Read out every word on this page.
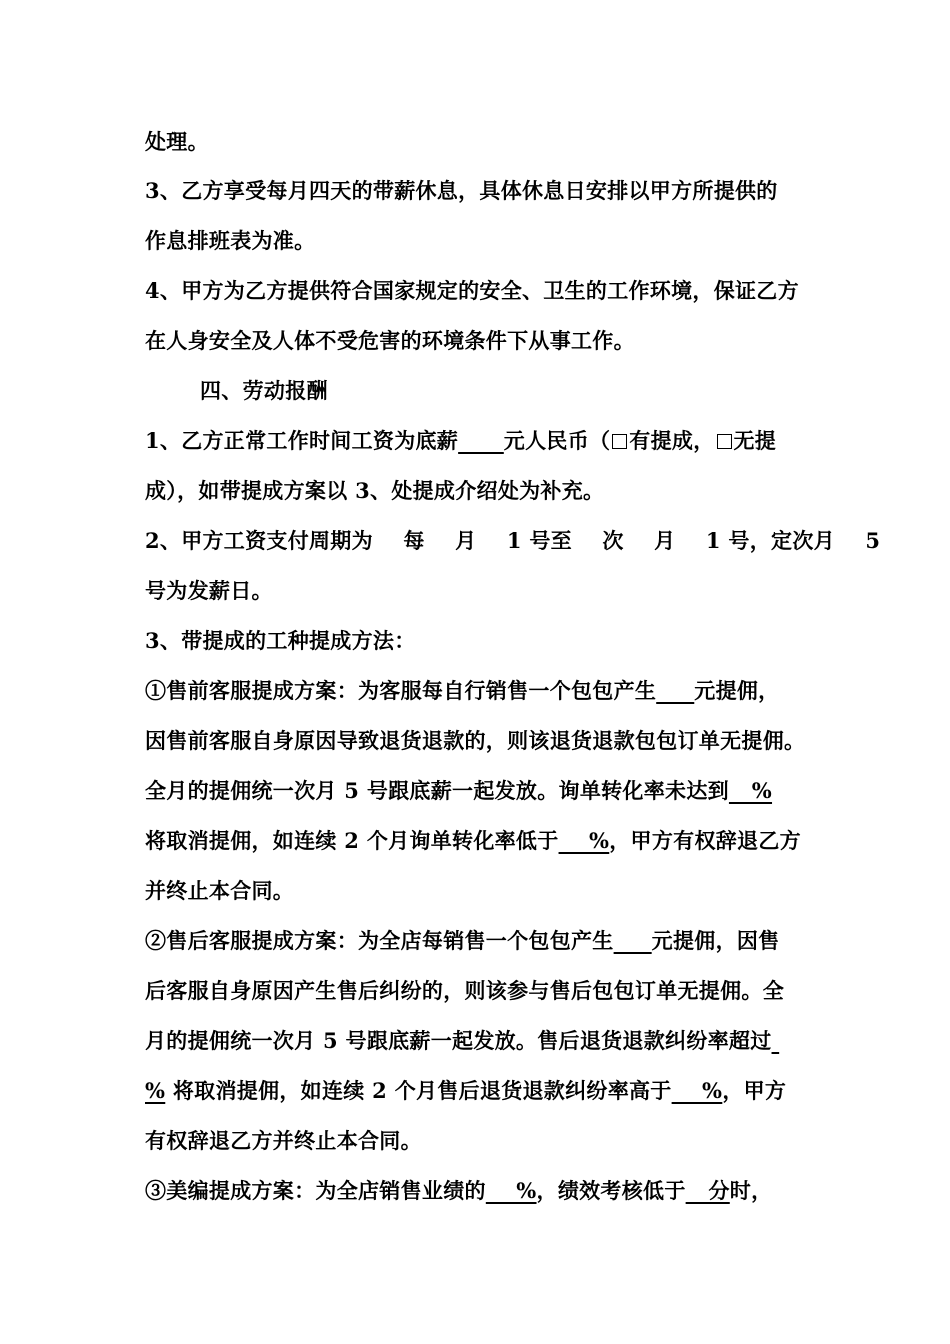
处理。
3、乙方享受每月四天的带薪休息，具体休息日安排以甲方所提供的
作息排班表为准。
4、甲方为乙方提供符合国家规定的安全、卫生的工作环境，保证乙方
在人身安全及人体不受危害的环境条件下从事工作。
四、劳动报酬
1、乙方正常工作时间工资为底薪 元人民币（ 有提成， 无提
成），如带提成方案以 3、处提成介绍处为补充。
2、甲方工资支付周期为    每    月    1 号至    次    月    1 号，定次月    5
号为发薪日。
3、带提成的工种提成方法：
①售前客服提成方案：为客服每自行销售一个包包产生 元提佣，
因售前客服自身原因导致退货退款的，则该退货退款包包订单无提佣。
全月的提佣统一次月 5 号跟底薪一起发放。询单转化率未达到   %
将取消提佣，如连续 2 个月询单转化率低于    %，甲方有权辞退乙方
并终止本合同。
②售后客服提成方案：为全店每销售一个包包产生 元提佣，因售
后客服自身原因产生售后纠纷的，则该参与售后包包订单无提佣。全
月的提佣统一次月 5 号跟底薪一起发放。售后退货退款纠纷率超过
% 将取消提佣，如连续 2 个月售后退货退款纠纷率高于    %，甲方
有权辞退乙方并终止本合同。
③美编提成方案：为全店销售业绩的    %，绩效考核低于   分时，
